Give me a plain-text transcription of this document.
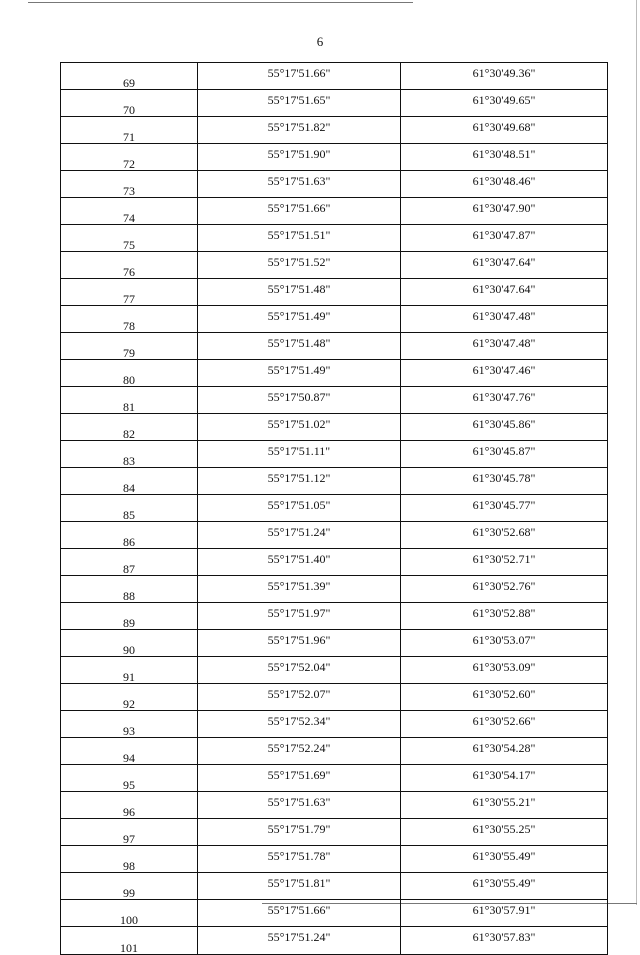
6
69	55°17'51.66"	61°30'49.36"
70	55°17'51.65"	61°30'49.65"
71	55°17'51.82"	61°30'49.68"
72	55°17'51.90"	61°30'48.51"
73	55°17'51.63"	61°30'48.46"
74	55°17'51.66"	61°30'47.90"
75	55°17'51.51"	61°30'47.87"
76	55°17'51.52"	61°30'47.64"
77	55°17'51.48"	61°30'47.64"
78	55°17'51.49"	61°30'47.48"
79	55°17'51.48"	61°30'47.48"
80	55°17'51.49"	61°30'47.46"
81	55°17'50.87"	61°30'47.76"
82	55°17'51.02"	61°30'45.86"
83	55°17'51.11"	61°30'45.87"
84	55°17'51.12"	61°30'45.78"
85	55°17'51.05"	61°30'45.77"
86	55°17'51.24"	61°30'52.68"
87	55°17'51.40"	61°30'52.71"
88	55°17'51.39"	61°30'52.76"
89	55°17'51.97"	61°30'52.88"
90	55°17'51.96"	61°30'53.07"
91	55°17'52.04"	61°30'53.09"
92	55°17'52.07"	61°30'52.60"
93	55°17'52.34"	61°30'52.66"
94	55°17'52.24"	61°30'54.28"
95	55°17'51.69"	61°30'54.17"
96	55°17'51.63"	61°30'55.21"
97	55°17'51.79"	61°30'55.25"
98	55°17'51.78"	61°30'55.49"
99	55°17'51.81"	61°30'55.49"
100	55°17'51.66"	61°30'57.91"
101	55°17'51.24"	61°30'57.83"
